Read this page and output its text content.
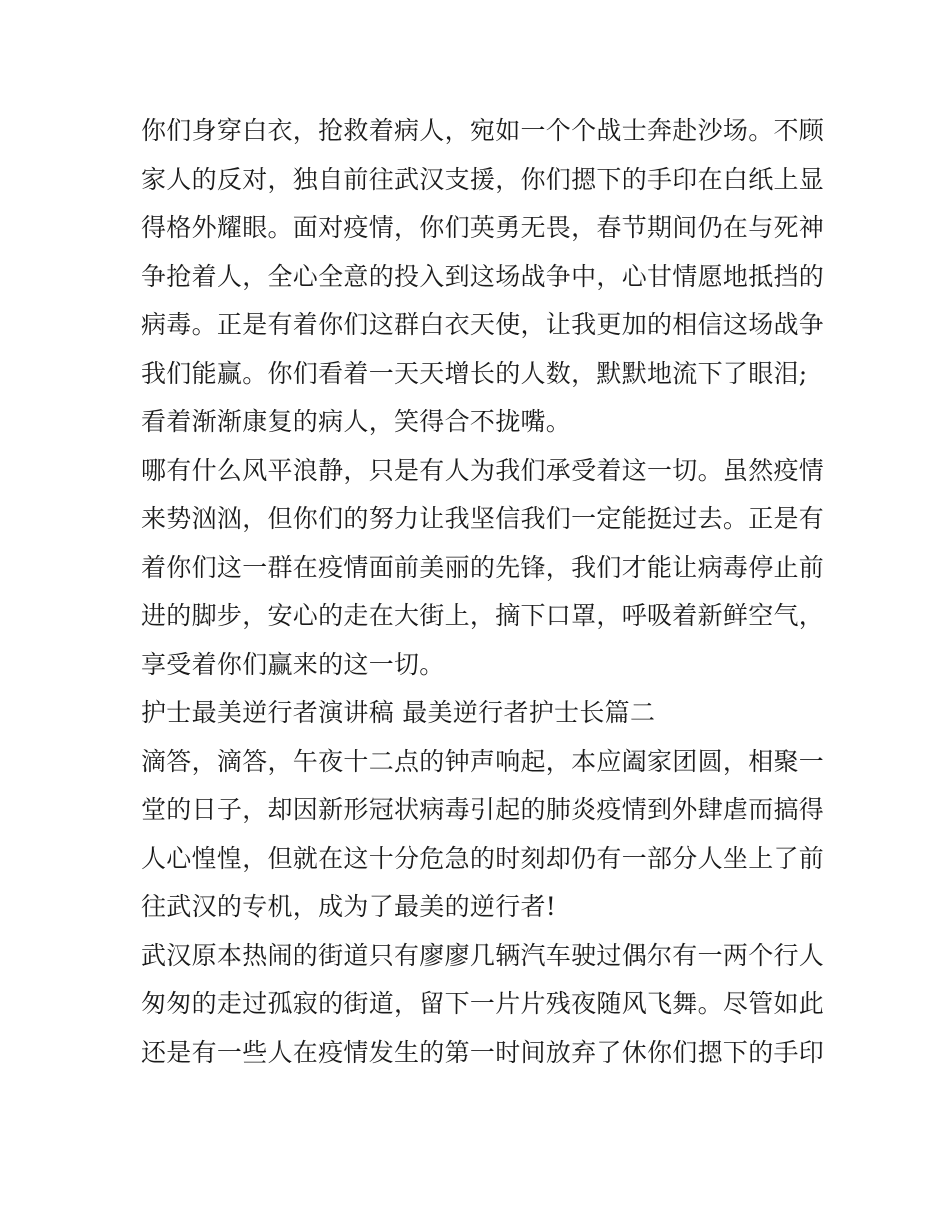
你们身穿白衣，抢救着病人，宛如一个个战士奔赴沙场。不顾
家人的反对，独自前往武汉支援，你们摁下的手印在白纸上显
得格外耀眼。面对疫情，你们英勇无畏，春节期间仍在与死神
争抢着人，全心全意的投入到这场战争中，心甘情愿地抵挡的
病毒。正是有着你们这群白衣天使，让我更加的相信这场战争
我们能赢。你们看着一天天增长的人数，默默地流下了眼泪;
看着渐渐康复的病人，笑得合不拢嘴。
哪有什么风平浪静，只是有人为我们承受着这一切。虽然疫情
来势汹汹，但你们的努力让我坚信我们一定能挺过去。正是有
着你们这一群在疫情面前美丽的先锋，我们才能让病毒停止前
进的脚步，安心的走在大街上，摘下口罩，呼吸着新鲜空气，
享受着你们赢来的这一切。
护士最美逆行者演讲稿 最美逆行者护士长篇二
滴答，滴答，午夜十二点的钟声响起，本应阖家团圆，相聚一
堂的日子，却因新形冠状病毒引起的肺炎疫情到外肆虐而搞得
人心惶惶，但就在这十分危急的时刻却仍有一部分人坐上了前
往武汉的专机，成为了最美的逆行者!
武汉原本热闹的街道只有廖廖几辆汽车驶过偶尔有一两个行人
匆匆的走过孤寂的街道，留下一片片残夜随风飞舞。尽管如此
还是有一些人在疫情发生的第一时间放弃了休你们摁下的手印
